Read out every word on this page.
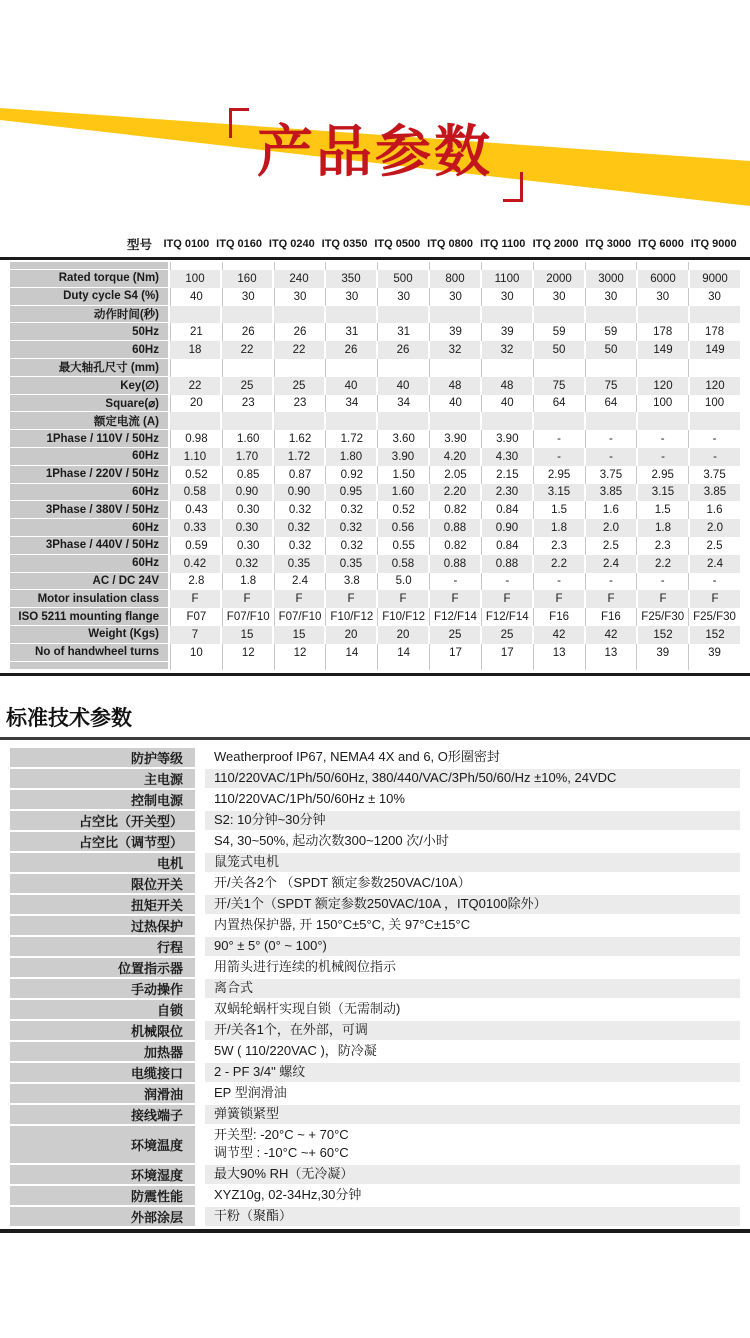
产品参数
型号	ITQ 0100 ITQ 0160 ITQ 0240 ITQ 0350 ITQ 0500 ITQ 0800 ITQ 1100 ITQ 2000 ITQ 3000 ITQ 6000 ITQ 9000
Rated torque (Nm)	100	160	240	350	500	800	1100	2000	3000	6000	9000
Duty cycle S4 (%)	40	30	30	30	30	30	30	30	30	30	30
动作时间(秒)
50Hz	21	26	26	31	31	39	39	59	59	178	178
60Hz	18	22	22	26	26	32	32	50	50	149	149
最大轴孔尺寸 (mm)
Key(∅)	22	25	25	40	40	48	48	75	75	120	120
Square(⌀)	20	23	23	34	34	40	40	64	64	100	100
额定电流 (A)
1Phase / 110V / 50Hz	0.98	1.60	1.62	1.72	3.60	3.90	3.90	-	-	-	-
60Hz	1.10	1.70	1.72	1.80	3.90	4.20	4.30	-	-	-	-
1Phase / 220V / 50Hz	0.52	0.85	0.87	0.92	1.50	2.05	2.15	2.95	3.75	2.95	3.75
60Hz	0.58	0.90	0.90	0.95	1.60	2.20	2.30	3.15	3.85	3.15	3.85
3Phase / 380V / 50Hz	0.43	0.30	0.32	0.32	0.52	0.82	0.84	1.5	1.6	1.5	1.6
60Hz	0.33	0.30	0.32	0.32	0.56	0.88	0.90	1.8	2.0	1.8	2.0
3Phase / 440V / 50Hz	0.59	0.30	0.32	0.32	0.55	0.82	0.84	2.3	2.5	2.3	2.5
60Hz	0.42	0.32	0.35	0.35	0.58	0.88	0.88	2.2	2.4	2.2	2.4
AC / DC 24V	2.8	1.8	2.4	3.8	5.0	-	-	-	-	-	-
Motor insulation class	F	F	F	F	F	F	F	F	F	F	F
ISO 5211 mounting flange	F07	F07/F10 F07/F10 F10/F12 F10/F12 F12/F14 F12/F14	F16	F16	F25/F30 F25/F30
Weight (Kgs)	7	15	15	20	20	25	25	42	42	152	152
No of handwheel turns	10	12	12	14	14	17	17	13	13	39	39
标准技术参数
防护等级	Weatherproof IP67, NEMA4 4X and 6, O形圈密封
主电源	110/220VAC/1Ph/50/60Hz, 380/440/VAC/3Ph/50/60/Hz ±10%, 24VDC
控制电源	110/220VAC/1Ph/50/60Hz ± 10%
占空比（开关型）	S2: 10分钟~30分钟
占空比（调节型）	S4, 30~50%, 起动次数300~1200 次/小时
电机	鼠笼式电机
限位开关	开/关各2个 （SPDT 额定参数250VAC/10A）
扭矩开关	开/关1个（SPDT 额定参数250VAC/10A ，ITQ0100除外）
过热保护	内置热保护器, 开 150°C±5°C, 关 97°C±15°C
行程	90° ± 5° (0° ~ 100°)
位置指示器	用箭头进行连续的机械阀位指示
手动操作	离合式
自锁	双蜗轮蜗杆实现自锁（无需制动)
机械限位	开/关各1个，在外部，可调
加热器	5W ( 110/220VAC )，防冷凝
电缆接口	2 - PF 3/4" 螺纹
润滑油	EP 型润滑油
接线端子	弹簧锁紧型
环境温度
开关型: -20°C ~ + 70°C
调节型 : -10°C ~+ 60°C
环境湿度	最大90% RH（无冷凝）
防震性能	XYZ10g, 02-34Hz,30分钟
外部涂层	干粉（聚酯）
